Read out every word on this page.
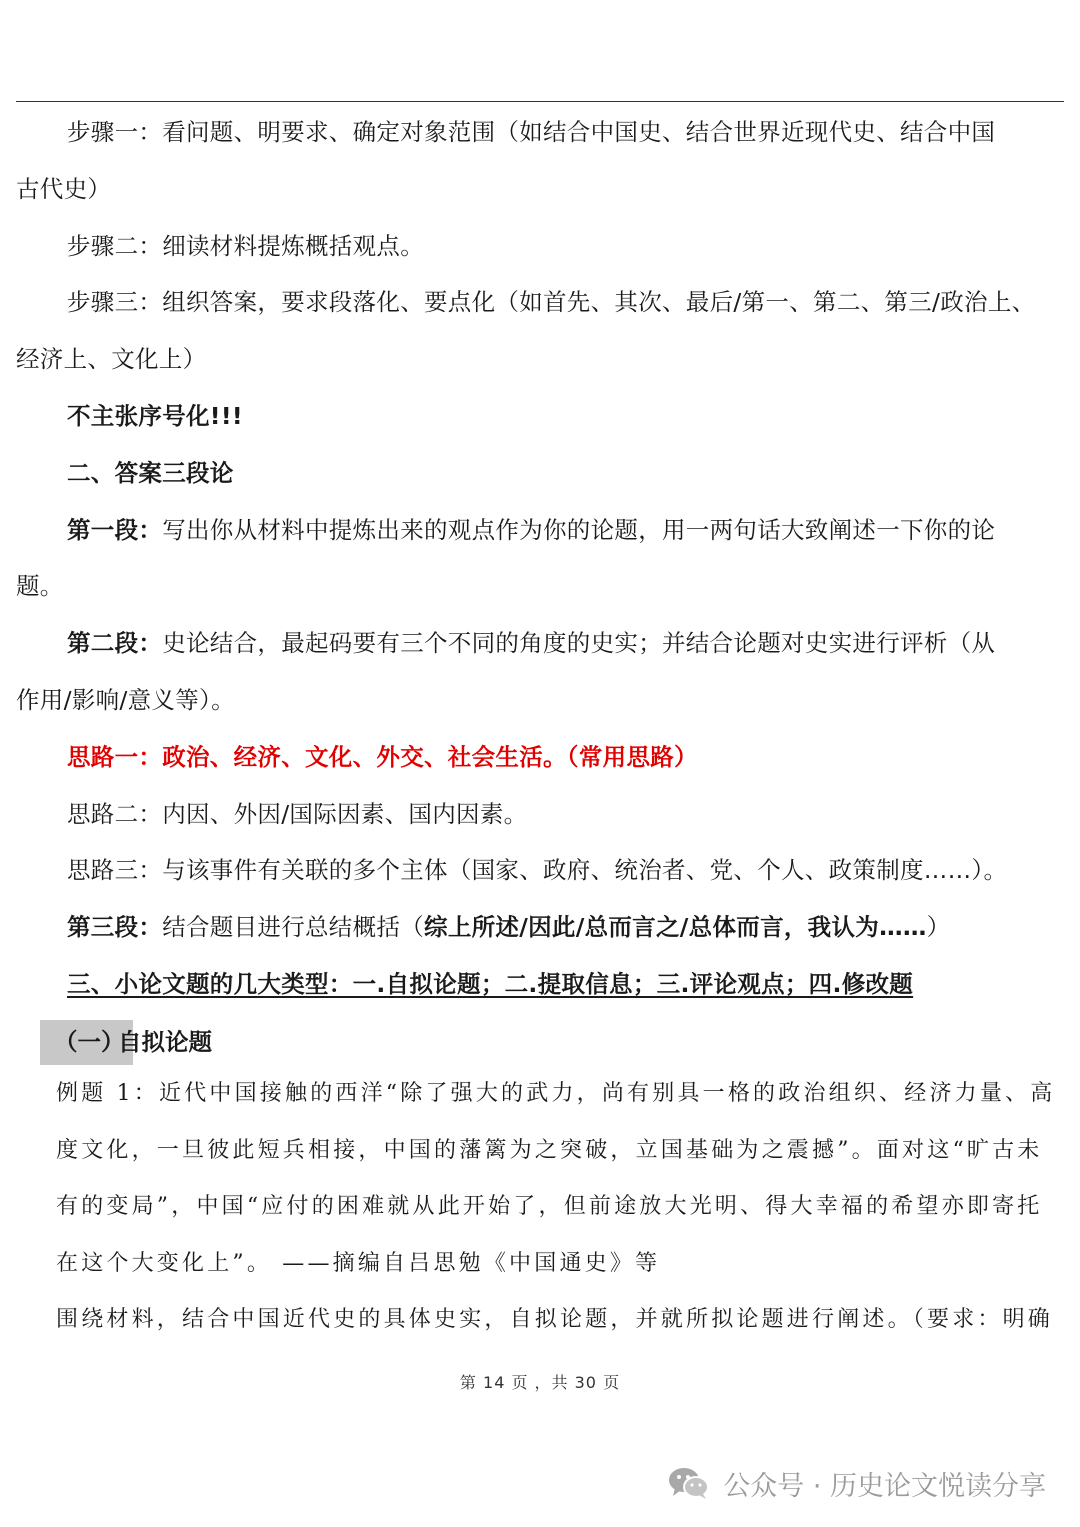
步骤一：看问题、明要求、确定对象范围（如结合中国史、结合世界近现代史、结合中国
古代史）
步骤二：细读材料提炼概括观点。
步骤三：组织答案，要求段落化、要点化（如首先、其次、最后/第一、第二、第三/政治上、
经济上、文化上）
不主张序号化!!!
二、答案三段论
第一段：写出你从材料中提炼出来的观点作为你的论题，用一两句话大致阐述一下你的论
题。
第二段：史论结合，最起码要有三个不同的角度的史实；并结合论题对史实进行评析（从
作用/影响/意义等）。
思路一：政治、经济、文化、外交、社会生活。（常用思路）
思路二：内因、外因/国际因素、国内因素。
思路三：与该事件有关联的多个主体（国家、政府、统治者、党、个人、政策制度……）。
第三段：结合题目进行总结概括（综上所述/因此/总而言之/总体而言，我认为……）
三、小论文题的几大类型：一.自拟论题；二.提取信息；三.评论观点；四.修改题
（一）
自拟论题
例题 1：近代中国接触的西洋“除了强大的武力，尚有别具一格的政治组织、经济力量、高
度文化，一旦彼此短兵相接，中国的藩篱为之突破，立国基础为之震撼”。面对这“旷古未
有的变局”，中国“应付的困难就从此开始了，但前途放大光明、得大幸福的希望亦即寄托
在这个大变化上”。 ——摘编自吕思勉《中国通史》等
围绕材料，结合中国近代史的具体史实，自拟论题，并就所拟论题进行阐述。（要求：明确
第 14 页 ，共 30 页
公众号 · 历史论文悦读分享
